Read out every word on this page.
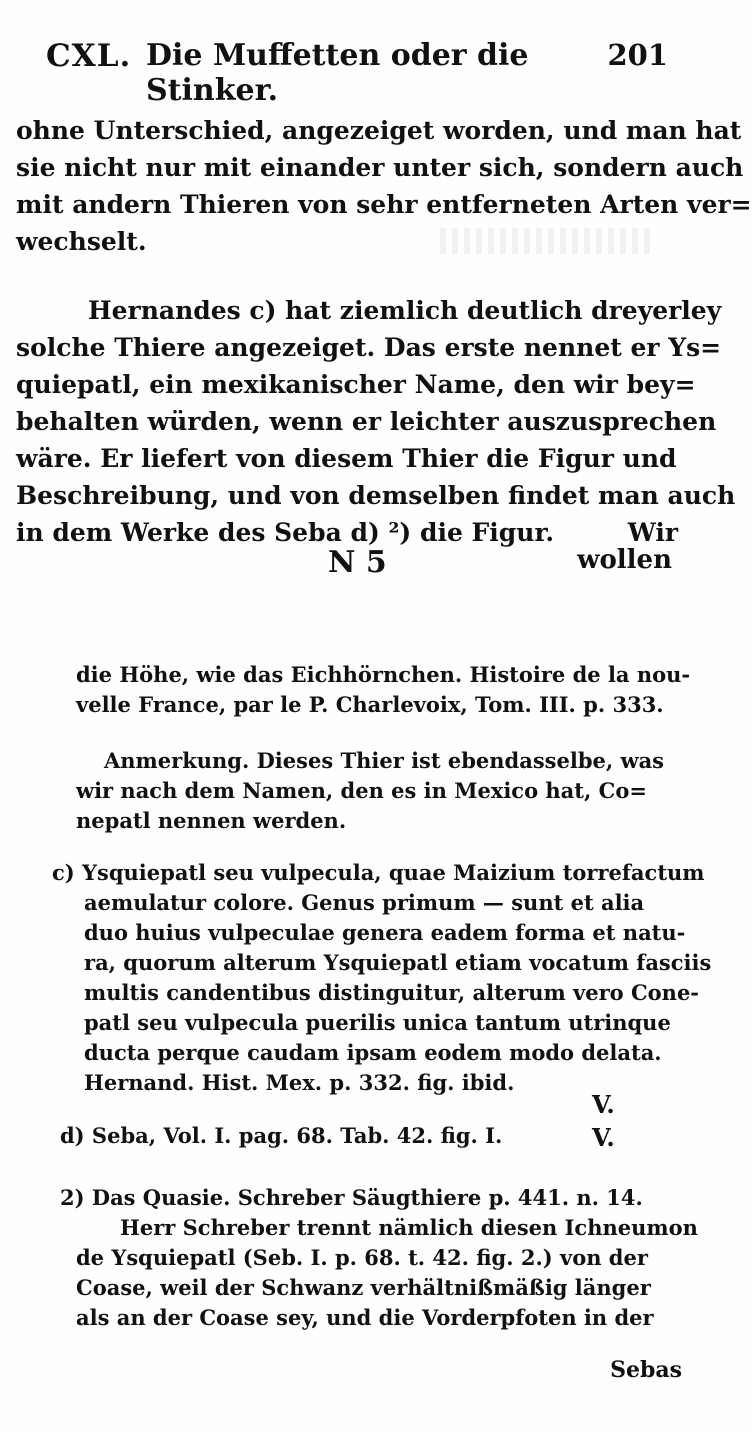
CXL. Die Muffetten oder die Stinker.
201
ohne Unterschied, angezeiget worden, und man hat
sie nicht nur mit einander unter sich, sondern auch
mit andern Thieren von sehr entferneten Arten ver=
wechselt.
Hernandes c) hat ziemlich deutlich dreyerley
solche Thiere angezeiget. Das erste nennet er Ys=
quiepatl, ein mexikanischer Name, den wir bey=
behalten würden, wenn er leichter auszusprechen
wäre. Er liefert von diesem Thier die Figur und
Beschreibung, und von demselben findet man auch
in dem Werke des Seba d) ²) die Figur.	Wir
N 5	wollen
die Höhe, wie das Eichhörnchen. Histoire de la nou-
velle France, par le P. Charlevoix, Tom. III. p. 333.
Anmerkung. Dieses Thier ist ebendasselbe, was
wir nach dem Namen, den es in Mexico hat, Co=
nepatl nennen werden.
c) Ysquiepatl seu vulpecula, quae Maizium torrefactum
aemulatur colore. Genus primum — sunt et alia
duo huius vulpeculae genera eadem forma et natu-
ra, quorum alterum Ysquiepatl etiam vocatum fasciis
multis candentibus distinguitur, alterum vero Cone-
patl seu vulpecula puerilis unica tantum utrinque
ducta perque caudam ipsam eodem modo delata.
Hernand. Hist. Mex. p. 332. fig. ibid.
V.
d) Seba, Vol. I. pag. 68. Tab. 42. fig. I.	V.
2) Das Quasie. Schreber Säugthiere p. 441. n. 14.
Herr Schreber trennt nämlich diesen Ichneumon
de Ysquiepatl (Seb. I. p. 68. t. 42. fig. 2.) von der
Coase, weil der Schwanz verhältnißmäßig länger
als an der Coase sey, und die Vorderpfoten in der
Sebas
